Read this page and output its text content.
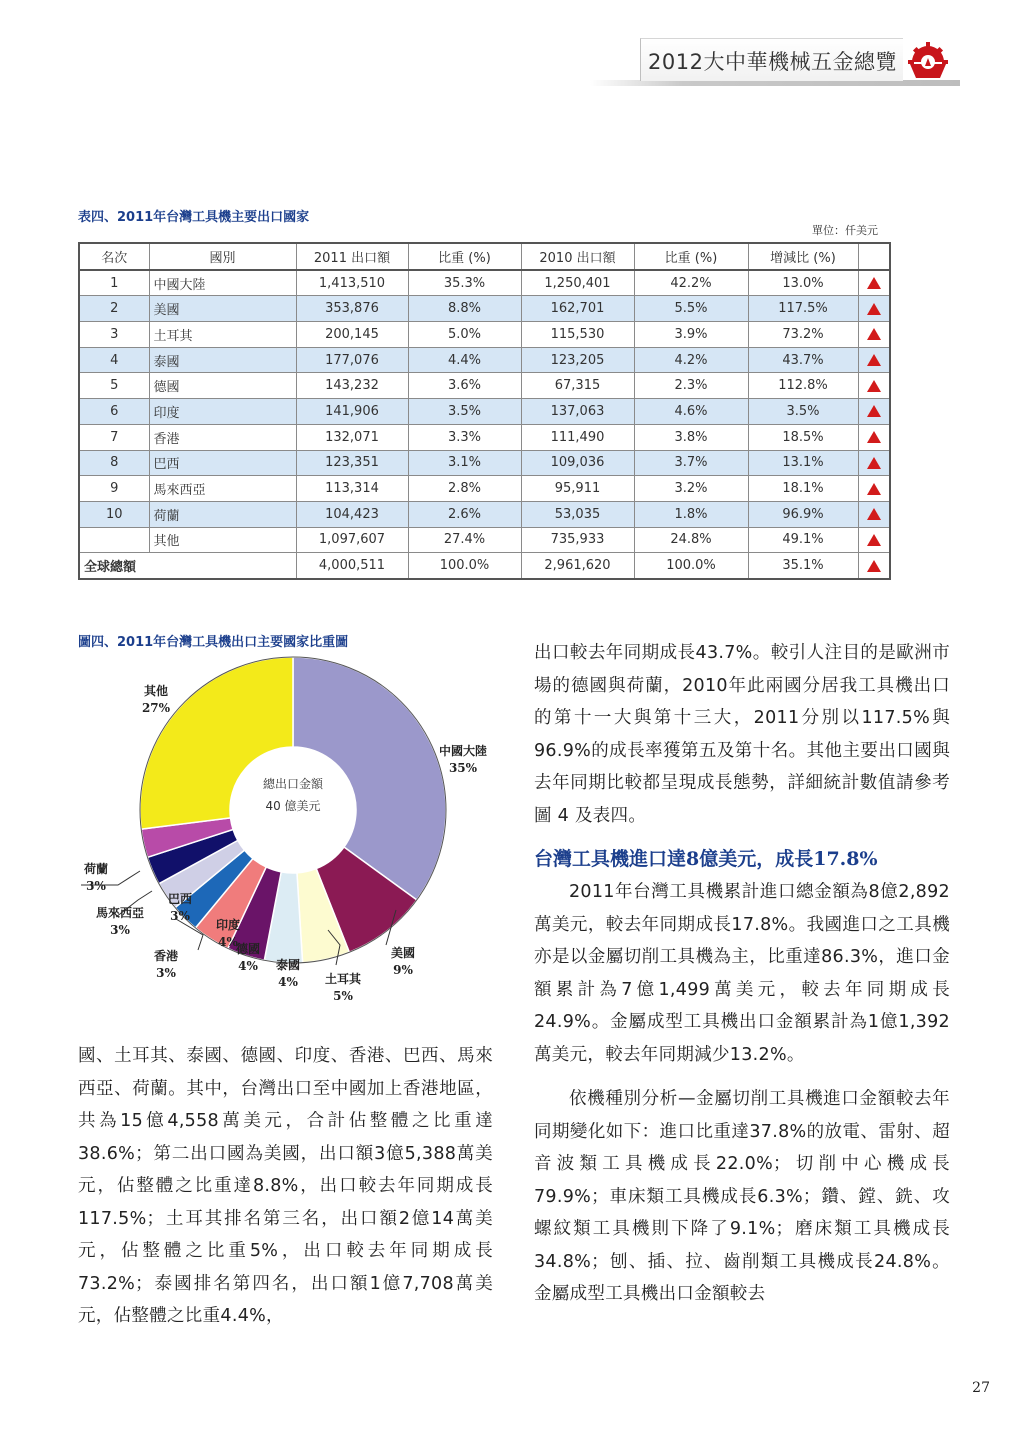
2012大中華機械五金總覽
表四、2011年台灣工具機主要出口國家
單位：仟美元
名次	國別	2011 出口額	比重 (%)	2010 出口額	比重 (%)	增減比 (%)	
1	中國大陸	1,413,510	35.3%	1,250,401	42.2%	13.0%	
2	美國	353,876	8.8%	162,701	5.5%	117.5%	
3	土耳其	200,145	5.0%	115,530	3.9%	73.2%	
4	泰國	177,076	4.4%	123,205	4.2%	43.7%	
5	德國	143,232	3.6%	67,315	2.3%	112.8%	
6	印度	141,906	3.5%	137,063	4.6%	3.5%	
7	香港	132,071	3.3%	111,490	3.8%	18.5%	
8	巴西	123,351	3.1%	109,036	3.7%	13.1%	
9	馬來西亞	113,314	2.8%	95,911	3.2%	18.1%	
10	荷蘭	104,423	2.6%	53,035	1.8%	96.9%	
	其他	1,097,607	27.4%	735,933	24.8%	49.1%	
全球總額		4,000,511	100.0%	2,961,620	100.0%	35.1%	
圖四、2011年台灣工具機出口主要國家比重圖
總出口金額
40 億美元
中國大陸
35%
美國
9%
土耳其
5%
泰國
4%
德國
4%
印度
4%
香港
3%
巴西
3%
馬來西亞
3%
荷蘭
3%
其他
27%

國、土耳其、泰國、德國、印度、香港、巴西、馬來西亞、荷蘭。其中，台灣出口至中國加上香港地區，共為15億4,558萬美元，合計佔整體之比重達38.6%；第二出口國為美國，出口額3億5,388萬美元，佔整體之比重達8.8%，出口較去年同期成長117.5%；土耳其排名第三名，出口額2億14萬美元，佔整體之比重5%，出口較去年同期成長73.2%；泰國排名第四名，出口額1億7,708萬美元，佔整體之比重4.4%，

出口較去年同期成長43.7%。較引人注目的是歐洲市場的德國與荷蘭，2010年此兩國分居我工具機出口的第十一大與第十三大，2011分別以117.5%與96.9%的成長率獲第五及第十名。其他主要出口國與去年同期比較都呈現成長態勢，詳細統計數值請參考圖 4 及表四。

台灣工具機進口達8億美元，成長17.8%

2011年台灣工具機累計進口總金額為8億2,892萬美元，較去年同期成長17.8%。我國進口之工具機亦是以金屬切削工具機為主，比重達86.3%，進口金額累計為7億1,499萬美元，較去年同期成長24.9%。金屬成型工具機出口金額累計為1億1,392萬美元，較去年同期減少13.2%。

依機種別分析—金屬切削工具機進口金額較去年同期變化如下：進口比重達37.8%的放電、雷射、超音波類工具機成長22.0%；切削中心機成長79.9%；車床類工具機成長6.3%；鑽、鏜、銑、攻螺紋類工具機則下降了9.1%；磨床類工具機成長34.8%；刨、插、拉、齒削類工具機成長24.8%。金屬成型工具機出口金額較去

27
